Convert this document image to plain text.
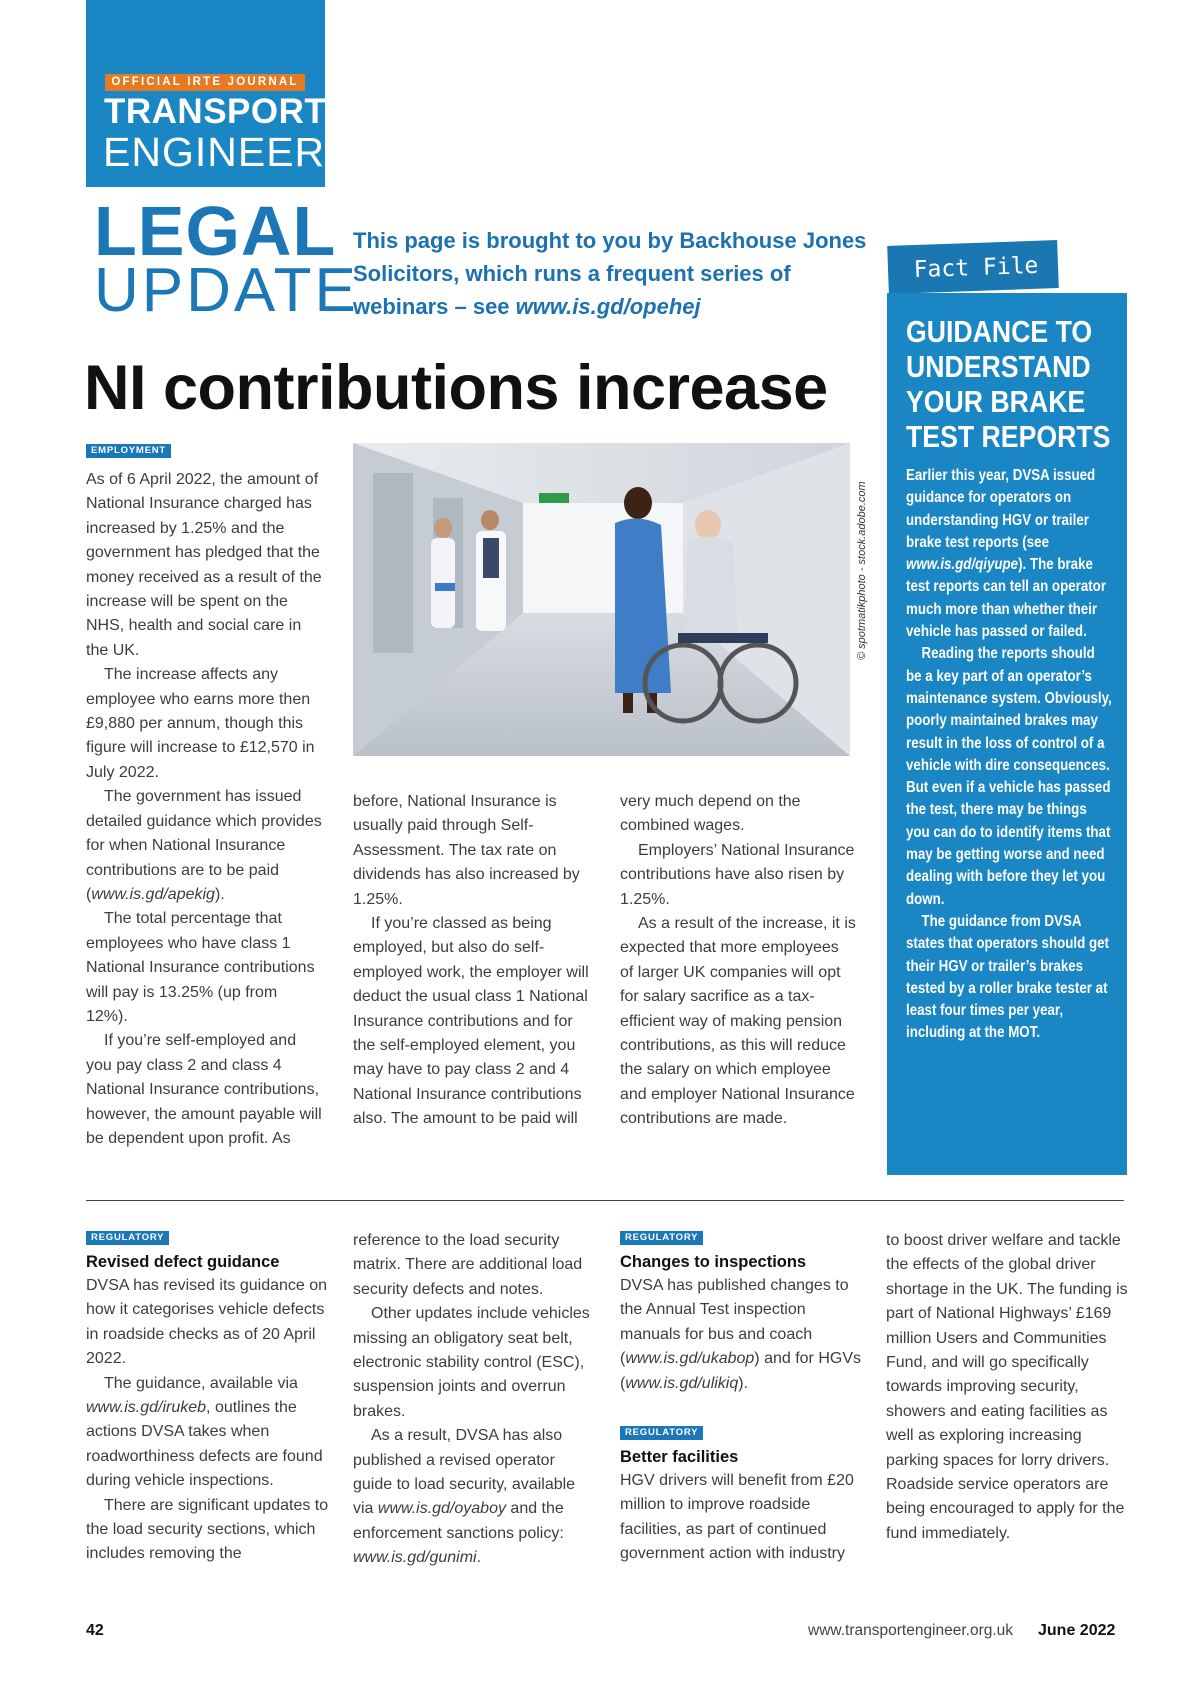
OFFICIAL IRTE JOURNAL
TRANSPORT
ENGINEER
LEGAL
UPDATE
This page is brought to you by Backhouse Jones Solicitors, which runs a frequent series of webinars – see www.is.gd/opehej
NI contributions increase
EMPLOYMENT

As of 6 April 2022, the amount of National Insurance charged has increased by 1.25% and the government has pledged that the money received as a result of the increase will be spent on the NHS, health and social care in the UK.

The increase affects any employee who earns more then £9,880 per annum, though this figure will increase to £12,570 in July 2022.

The government has issued detailed guidance which provides for when National Insurance contributions are to be paid (www.is.gd/apekig).

The total percentage that employees who have class 1 National Insurance contributions will pay is 13.25% (up from 12%).

If you’re self-employed and you pay class 2 and class 4 National Insurance contributions, however, the amount payable will be dependent upon profit. As

© spotmatikphoto - stock.adobe.com

before, National Insurance is usually paid through Self-Assessment. The tax rate on dividends has also increased by 1.25%.

If you’re classed as being employed, but also do self-employed work, the employer will deduct the usual class 1 National Insurance contributions and for the self-employed element, you may have to pay class 2 and 4 National Insurance contributions also. The amount to be paid will

very much depend on the combined wages.

Employers’ National Insurance contributions have also risen by 1.25%.

As a result of the increase, it is expected that more employees of larger UK companies will opt for salary sacrifice as a tax-efficient way of making pension contributions, as this will reduce the salary on which employee and employer National Insurance contributions are made.

Fact File
GUIDANCE TO
UNDERSTAND
YOUR BRAKE
TEST REPORTS

Earlier this year, DVSA issued guidance for operators on understanding HGV or trailer brake test reports (see www.is.gd/qiyupe). The brake test reports can tell an operator much more than whether their vehicle has passed or failed.

Reading the reports should be a key part of an operator’s maintenance system. Obviously, poorly maintained brakes may result in the loss of control of a vehicle with dire consequences. But even if a vehicle has passed the test, there may be things you can do to identify items that may be getting worse and need dealing with before they let you down.

The guidance from DVSA states that operators should get their HGV or trailer’s brakes tested by a roller brake tester at least four times per year, including at the MOT.

REGULATORY
Revised defect guidance

DVSA has revised its guidance on how it categorises vehicle defects in roadside checks as of 20 April 2022.

The guidance, available via www.is.gd/irukeb, outlines the actions DVSA takes when roadworthiness defects are found during vehicle inspections.

There are significant updates to the load security sections, which includes removing the

reference to the load security matrix. There are additional load security defects and notes.

Other updates include vehicles missing an obligatory seat belt, electronic stability control (ESC), suspension joints and overrun brakes.

As a result, DVSA has also published a revised operator guide to load security, available via www.is.gd/oyaboy and the enforcement sanctions policy: www.is.gd/gunimi.

REGULATORY
Changes to inspections

DVSA has published changes to the Annual Test inspection manuals for bus and coach (www.is.gd/ukabop) and for HGVs (www.is.gd/ulikiq).

REGULATORY
Better facilities

HGV drivers will benefit from £20 million to improve roadside facilities, as part of continued government action with industry

to boost driver welfare and tackle the effects of the global driver shortage in the UK. The funding is part of National Highways’ £169 million Users and Communities Fund, and will go specifically towards improving security, showers and eating facilities as well as exploring increasing parking spaces for lorry drivers. Roadside service operators are being encouraged to apply for the fund immediately.

42	www.transportengineer.org.uk June 2022
